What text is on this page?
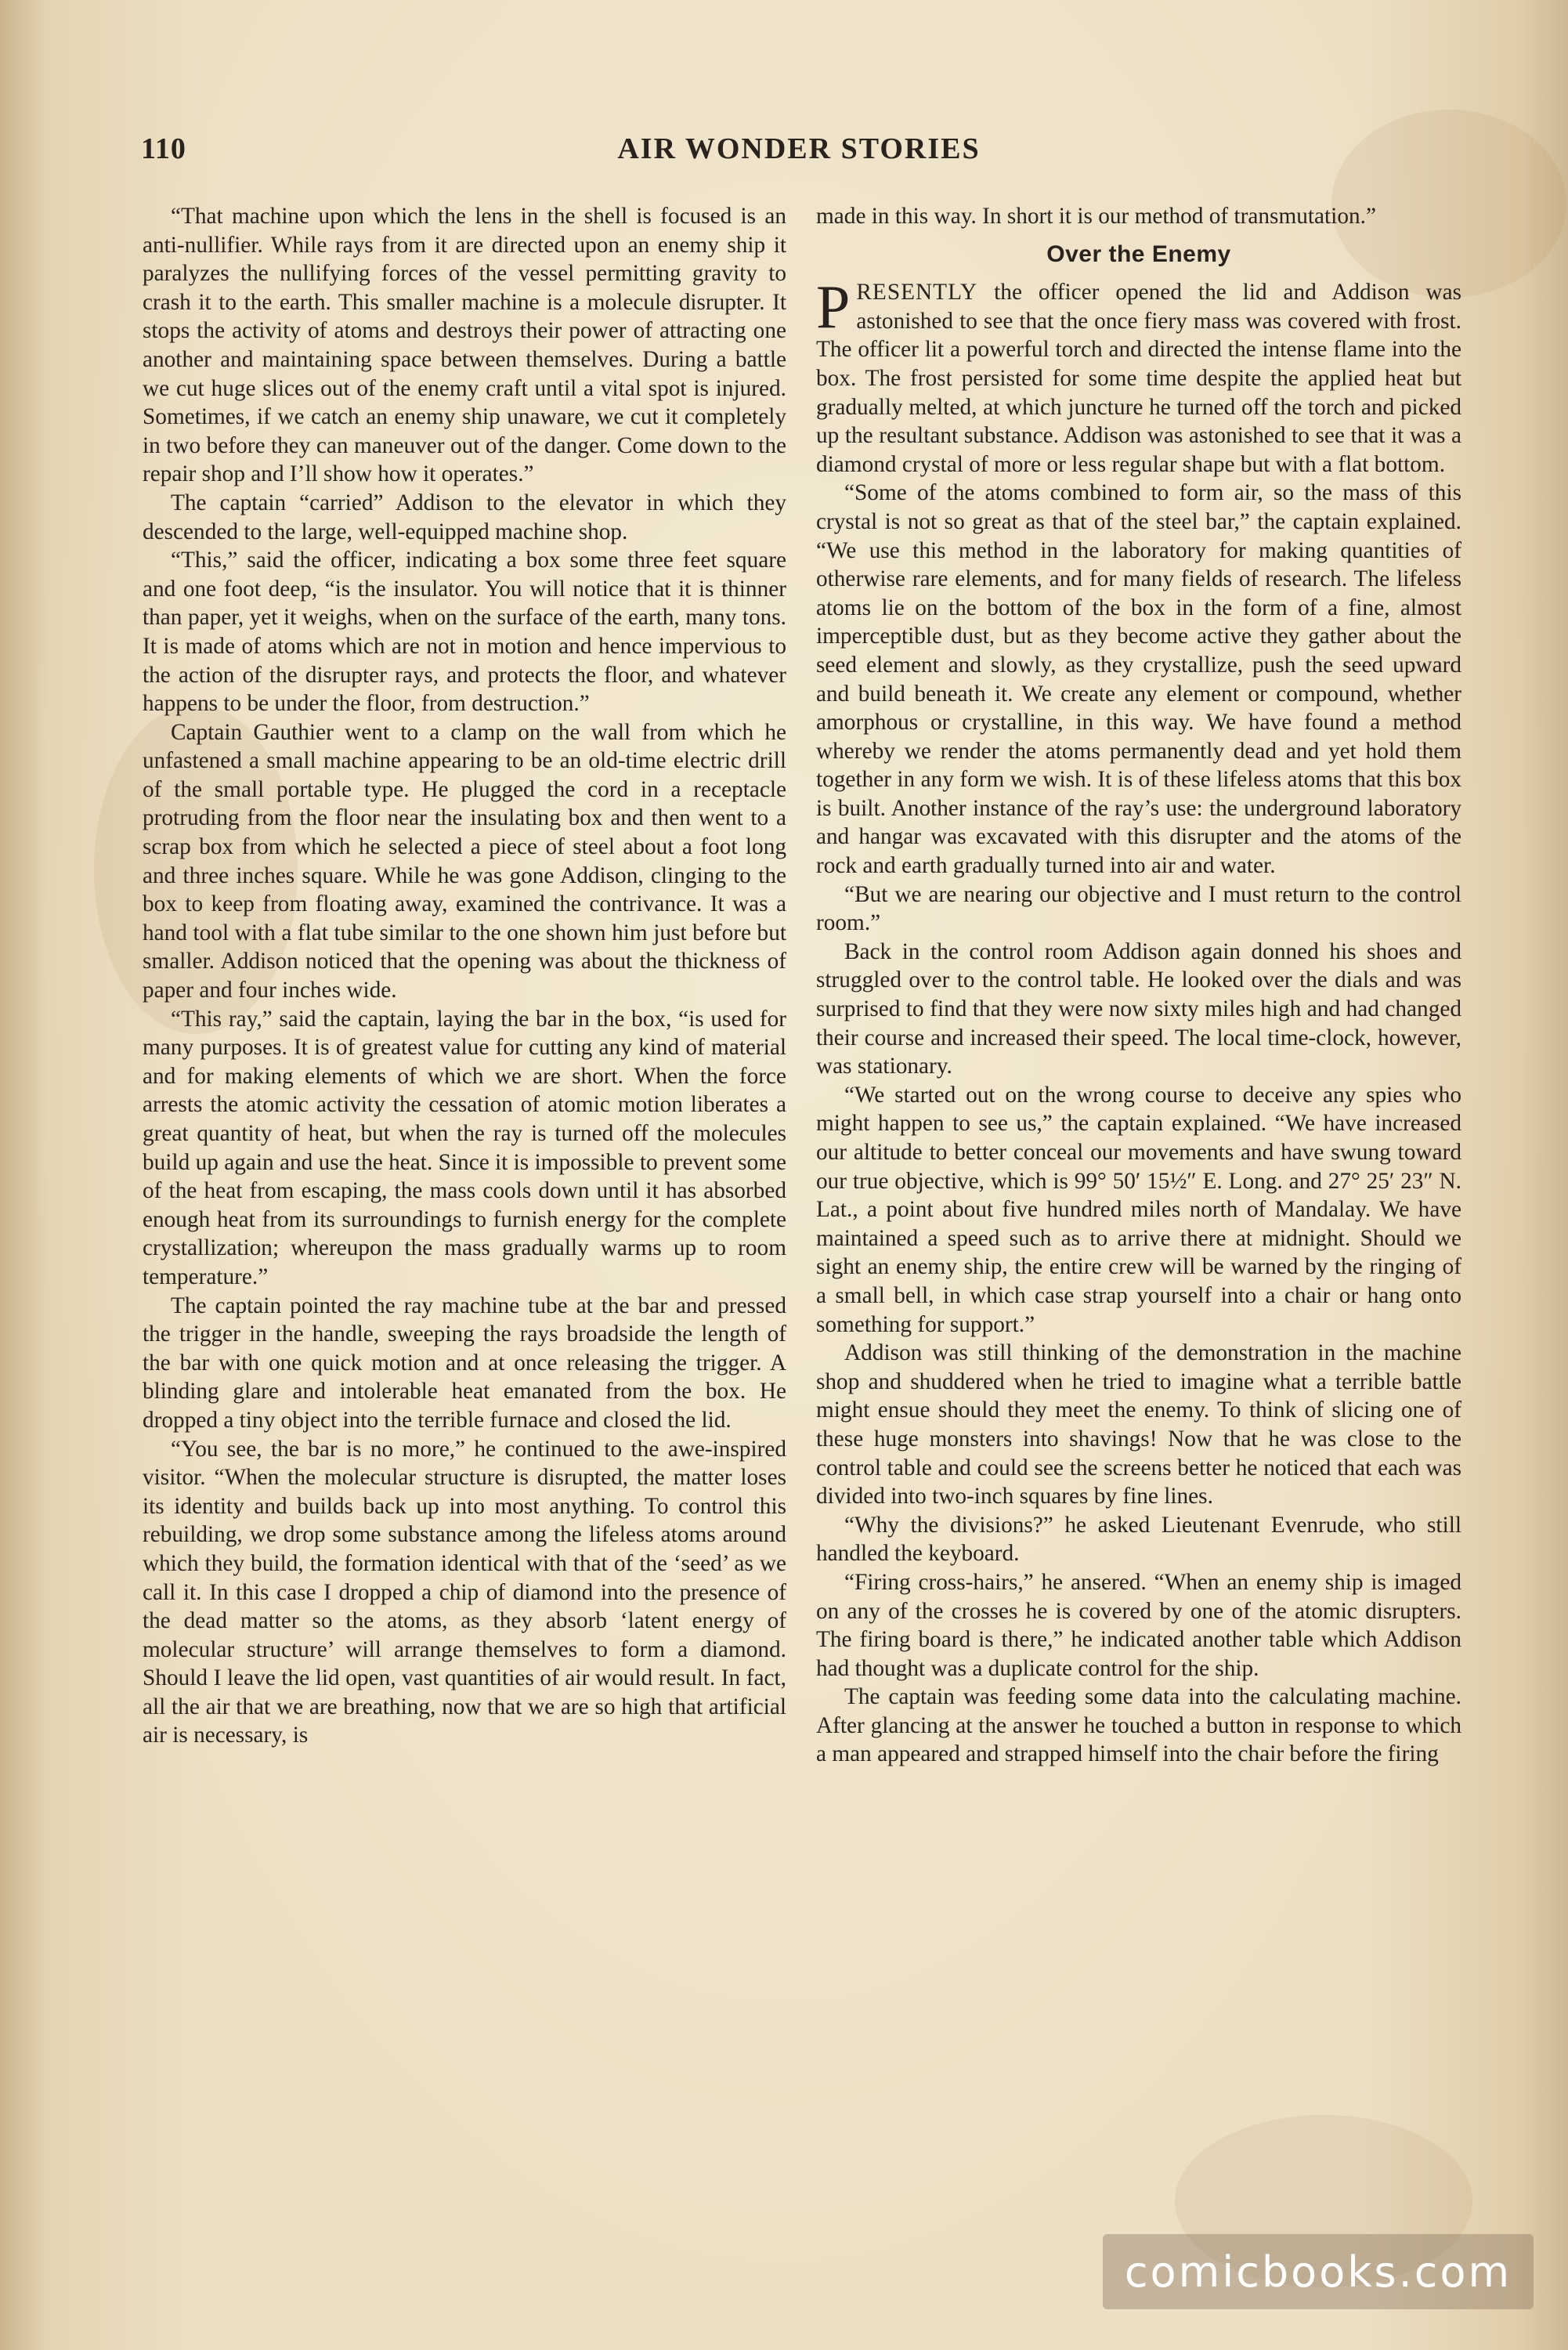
110	AIR WONDER STORIES

“That machine upon which the lens in the shell is focused is an anti-nullifier. While rays from it are directed upon an enemy ship it paralyzes the nullifying forces of the vessel permitting gravity to crash it to the earth. This smaller machine is a molecule disrupter. It stops the activity of atoms and destroys their power of attracting one another and maintaining space between themselves. During a battle we cut huge slices out of the enemy craft until a vital spot is injured. Sometimes, if we catch an enemy ship unaware, we cut it completely in two before they can maneuver out of the danger. Come down to the repair shop and I’ll show how it operates.”

The captain “carried” Addison to the elevator in which they descended to the large, well-equipped machine shop.

“This,” said the officer, indicating a box some three feet square and one foot deep, “is the insulator. You will notice that it is thinner than paper, yet it weighs, when on the surface of the earth, many tons. It is made of atoms which are not in motion and hence impervious to the action of the disrupter rays, and protects the floor, and whatever happens to be under the floor, from destruction.”

Captain Gauthier went to a clamp on the wall from which he unfastened a small machine appearing to be an old-time electric drill of the small portable type. He plugged the cord in a receptacle protruding from the floor near the insulating box and then went to a scrap box from which he selected a piece of steel about a foot long and three inches square. While he was gone Addison, clinging to the box to keep from floating away, examined the contrivance. It was a hand tool with a flat tube similar to the one shown him just before but smaller. Addison noticed that the opening was about the thickness of paper and four inches wide.

“This ray,” said the captain, laying the bar in the box, “is used for many purposes. It is of greatest value for cutting any kind of material and for making elements of which we are short. When the force arrests the atomic activity the cessation of atomic motion liberates a great quantity of heat, but when the ray is turned off the molecules build up again and use the heat. Since it is impossible to prevent some of the heat from escaping, the mass cools down until it has absorbed enough heat from its surroundings to furnish energy for the complete crystallization; whereupon the mass gradually warms up to room temperature.”

The captain pointed the ray machine tube at the bar and pressed the trigger in the handle, sweeping the rays broadside the length of the bar with one quick motion and at once releasing the trigger. A blinding glare and intolerable heat emanated from the box. He dropped a tiny object into the terrible furnace and closed the lid.

“You see, the bar is no more,” he continued to the awe-inspired visitor. “When the molecular structure is disrupted, the matter loses its identity and builds back up into most anything. To control this rebuilding, we drop some substance among the lifeless atoms around which they build, the formation identical with that of the ‘seed’ as we call it. In this case I dropped a chip of diamond into the presence of the dead matter so the atoms, as they absorb ‘latent energy of molecular structure’ will arrange themselves to form a diamond. Should I leave the lid open, vast quantities of air would result. In fact, all the air that we are breathing, now that we are so high that artificial air is necessary, is

made in this way. In short it is our method of transmutation.”

Over the Enemy

PRESENTLY the officer opened the lid and Addison was astonished to see that the once fiery mass was covered with frost. The officer lit a powerful torch and directed the intense flame into the box. The frost persisted for some time despite the applied heat but gradually melted, at which juncture he turned off the torch and picked up the resultant substance. Addison was astonished to see that it was a diamond crystal of more or less regular shape but with a flat bottom.

“Some of the atoms combined to form air, so the mass of this crystal is not so great as that of the steel bar,” the captain explained. “We use this method in the laboratory for making quantities of otherwise rare elements, and for many fields of research. The lifeless atoms lie on the bottom of the box in the form of a fine, almost imperceptible dust, but as they become active they gather about the seed element and slowly, as they crystallize, push the seed upward and build beneath it. We create any element or compound, whether amorphous or crystalline, in this way. We have found a method whereby we render the atoms permanently dead and yet hold them together in any form we wish. It is of these lifeless atoms that this box is built. Another instance of the ray’s use: the underground laboratory and hangar was excavated with this disrupter and the atoms of the rock and earth gradually turned into air and water.

“But we are nearing our objective and I must return to the control room.”

Back in the control room Addison again donned his shoes and struggled over to the control table. He looked over the dials and was surprised to find that they were now sixty miles high and had changed their course and increased their speed. The local time-clock, however, was stationary.

“We started out on the wrong course to deceive any spies who might happen to see us,” the captain explained. “We have increased our altitude to better conceal our movements and have swung toward our true objective, which is 99° 50′ 15½″ E. Long. and 27° 25′ 23″ N. Lat., a point about five hundred miles north of Mandalay. We have maintained a speed such as to arrive there at midnight. Should we sight an enemy ship, the entire crew will be warned by the ringing of a small bell, in which case strap yourself into a chair or hang onto something for support.”

Addison was still thinking of the demonstration in the machine shop and shuddered when he tried to imagine what a terrible battle might ensue should they meet the enemy. To think of slicing one of these huge monsters into shavings! Now that he was close to the control table and could see the screens better he noticed that each was divided into two-inch squares by fine lines.

“Why the divisions?” he asked Lieutenant Evenrude, who still handled the keyboard.

“Firing cross-hairs,” he ansered. “When an enemy ship is imaged on any of the crosses he is covered by one of the atomic disrupters. The firing board is there,” he indicated another table which Addison had thought was a duplicate control for the ship.

The captain was feeding some data into the calculating machine. After glancing at the answer he touched a button in response to which a man appeared and strapped himself into the chair before the firing

comicbooks.com
